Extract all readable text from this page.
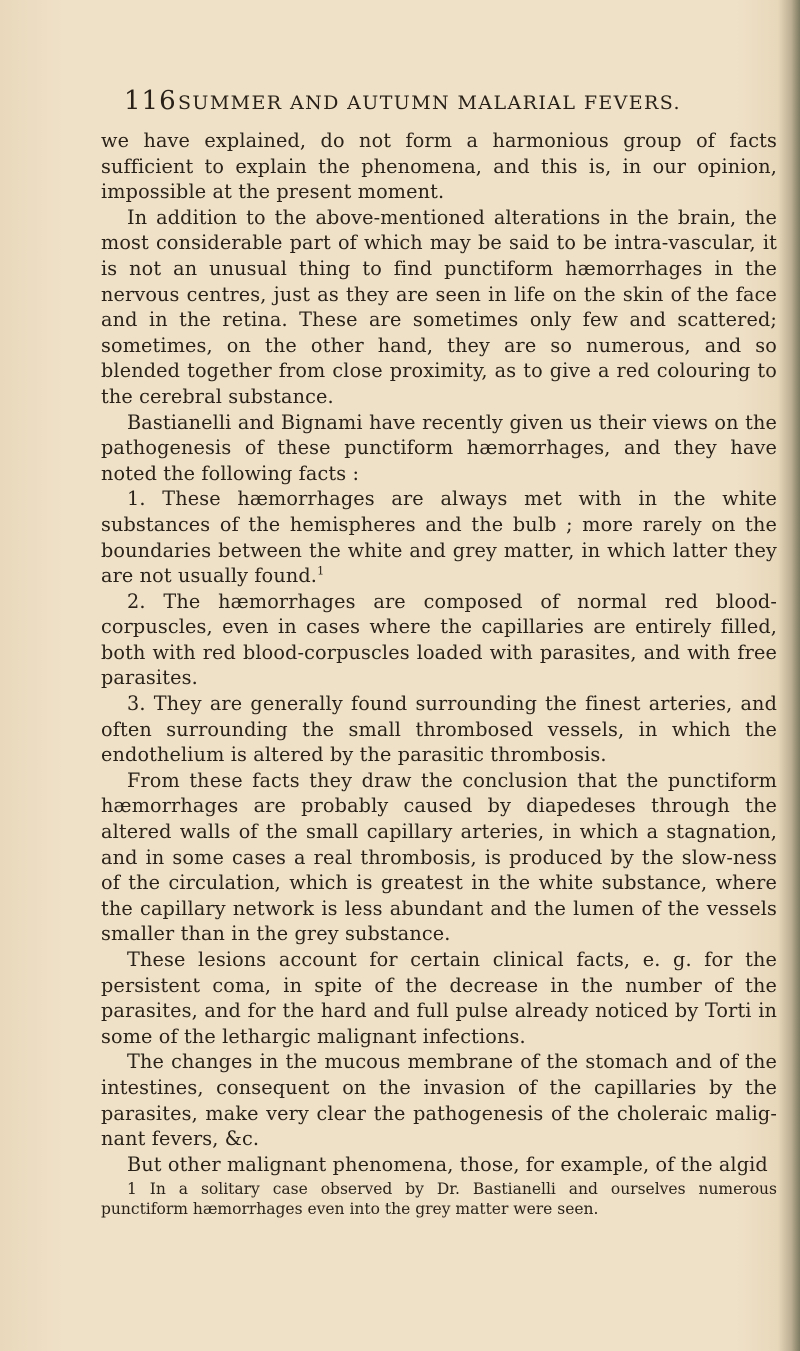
116 SUMMER AND AUTUMN MALARIAL FEVERS.

we have explained, do not form a harmonious group of facts sufficient to explain the phenomena, and this is, in our opinion, impossible at the present moment.

In addition to the above-mentioned alterations in the brain, the most considerable part of which may be said to be intra-vascular, it is not an unusual thing to find punctiform hæmorrhages in the nervous centres, just as they are seen in life on the skin of the face and in the retina. These are sometimes only few and scattered; sometimes, on the other hand, they are so numerous, and so blended together from close proximity, as to give a red colouring to the cerebral substance.

Bastianelli and Bignami have recently given us their views on the pathogenesis of these punctiform hæmorrhages, and they have noted the following facts :

1. These hæmorrhages are always met with in the white substances of the hemispheres and the bulb ; more rarely on the boundaries between the white and grey matter, in which latter they are not usually found.$^1$

2. The hæmorrhages are composed of normal red blood-corpuscles, even in cases where the capillaries are entirely filled, both with red blood-corpuscles loaded with parasites, and with free parasites.

3. They are generally found surrounding the finest arteries, and often surrounding the small thrombosed vessels, in which the endothelium is altered by the parasitic thrombosis.

From these facts they draw the conclusion that the punctiform hæmorrhages are probably caused by diapedeses through the altered walls of the small capillary arteries, in which a stagnation, and in some cases a real thrombosis, is produced by the slow-ness of the circulation, which is greatest in the white substance, where the capillary network is less abundant and the lumen of the vessels smaller than in the grey substance.

These lesions account for certain clinical facts, e. g. for the persistent coma, in spite of the decrease in the number of the parasites, and for the hard and full pulse already noticed by Torti in some of the lethargic malignant infections.

The changes in the mucous membrane of the stomach and of the intestines, consequent on the invasion of the capillaries by the parasites, make very clear the pathogenesis of the choleraic malig-nant fevers, &c.

But other malignant phenomena, those, for example, of the algid

1 In a solitary case observed by Dr. Bastianelli and ourselves numerous punctiform hæmorrhages even into the grey matter were seen.
